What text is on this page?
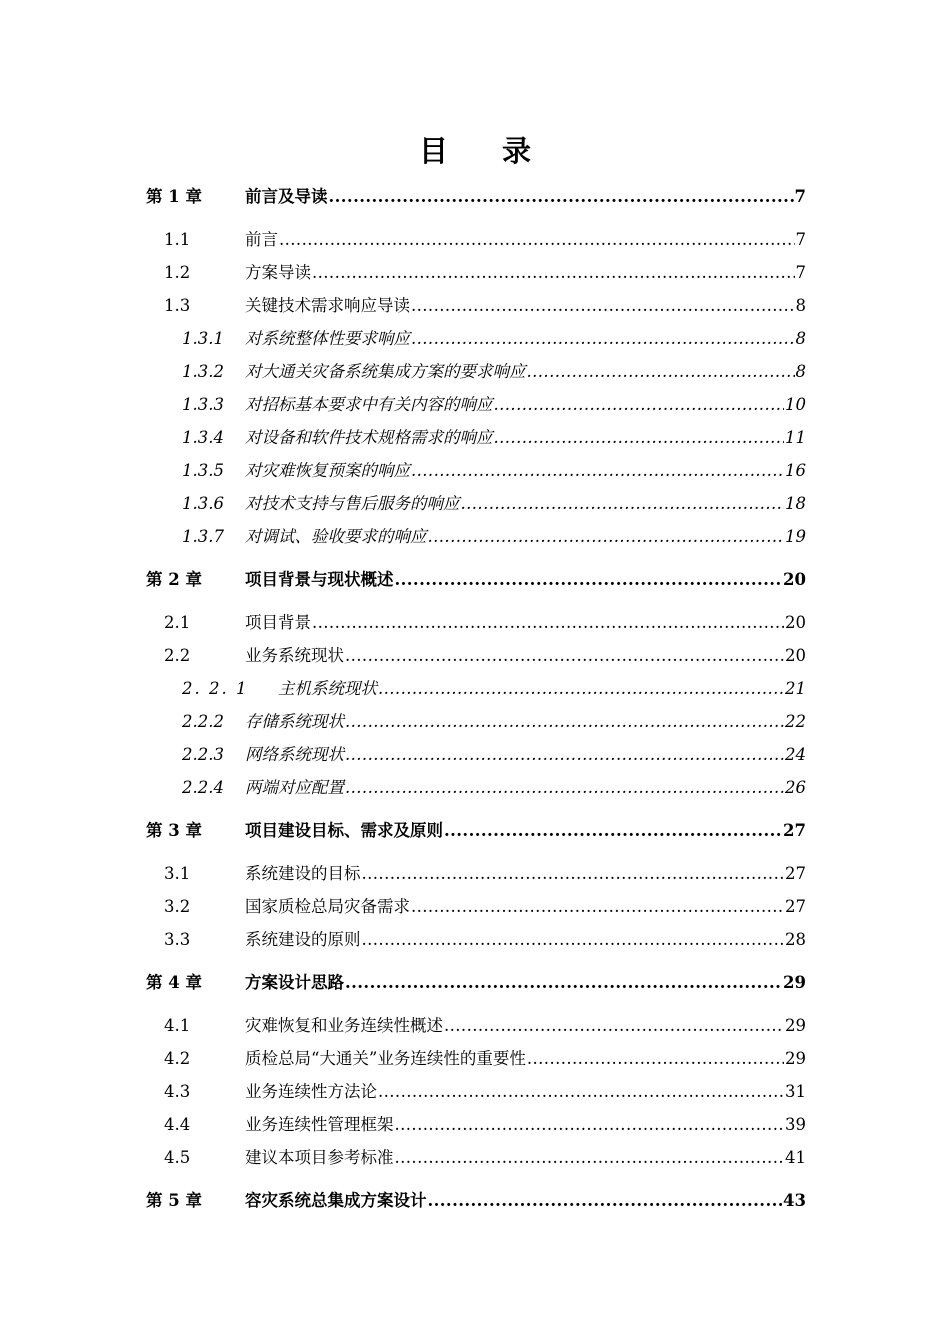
目 录
第 1 章	前言及导读 .....	7
1.1	前言 .....	7
1.2	方案导读 .....	7
1.3	关键技术需求响应导读 .....	8
1.3.1 对系统整体性要求响应 .....	8
1.3.2 对大通关灾备系统集成方案的要求响应 .....	8
1.3.3 对招标基本要求中有关内容的响应 .....	10
1.3.4 对设备和软件技术规格需求的响应 .....	11
1.3.5 对灾难恢复预案的响应 .....	16
1.3.6 对技术支持与售后服务的响应 .....	18
1.3.7 对调试、验收要求的响应 .....	19
第 2 章	项目背景与现状概述 .....	20
2.1	项目背景 .....	20
2.2	业务系统现状 .....	20
2. 2. 1 主机系统现状 .....	21
2.2.2 存储系统现状 .....	22
2.2.3 网络系统现状 .....	24
2.2.4 两端对应配置 .....	26
第 3 章	项目建设目标、需求及原则 .....	27
3.1	系统建设的目标 .....	27
3.2	国家质检总局灾备需求 .....	27
3.3	系统建设的原则 .....	28
第 4 章	方案设计思路 .....	29
4.1	灾难恢复和业务连续性概述 .....	29
4.2	质检总局“大通关”业务连续性的重要性 .....	29
4.3	业务连续性方法论 .....	31
4.4	业务连续性管理框架 .....	39
4.5	建议本项目参考标准 .....	41
第 5 章	容灾系统总集成方案设计 .....	43
